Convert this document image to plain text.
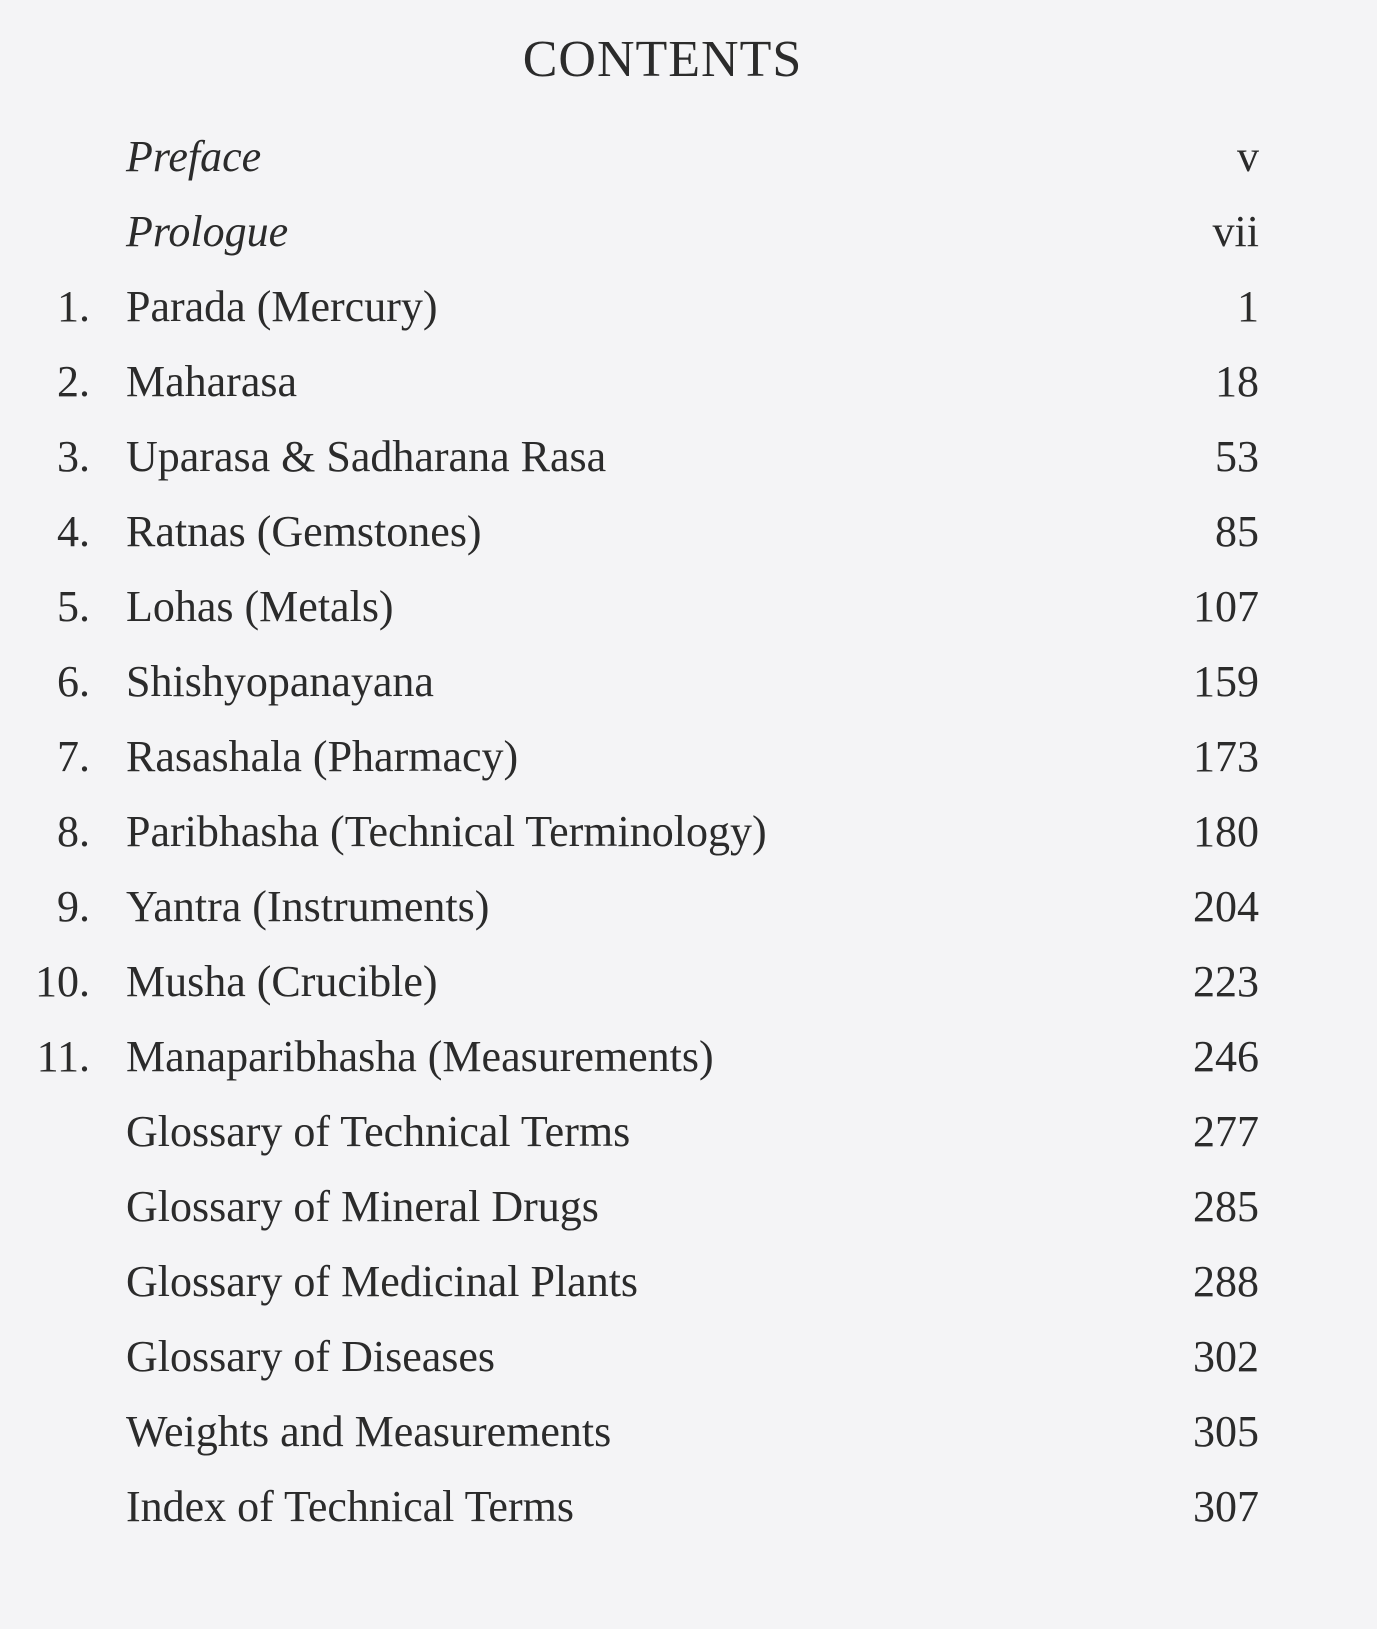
CONTENTS
Preface	v
Prologue	vii
1. Parada (Mercury)	1
2. Maharasa	18
3. Uparasa & Sadharana Rasa	53
4. Ratnas (Gemstones)	85
5. Lohas (Metals)	107
6. Shishyopanayana	159
7. Rasashala (Pharmacy)	173
8. Paribhasha (Technical Terminology)	180
9. Yantra (Instruments)	204
10. Musha (Crucible)	223
11. Manaparibhasha (Measurements)	246
Glossary of Technical Terms	277
Glossary of Mineral Drugs	285
Glossary of Medicinal Plants	288
Glossary of Diseases	302
Weights and Measurements	305
Index of Technical Terms	307
